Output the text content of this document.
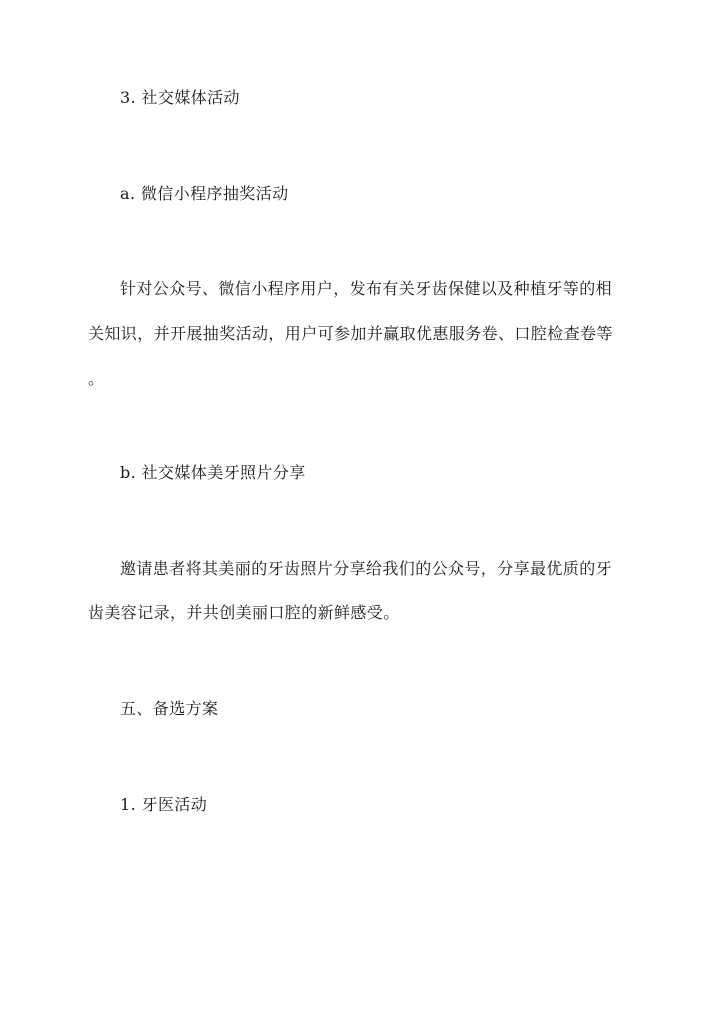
3. 社交媒体活动
a. 微信小程序抽奖活动
针对公众号、微信小程序用户，发布有关牙齿保健以及种植牙等的相
关知识，并开展抽奖活动，用户可参加并赢取优惠服务卷、口腔检查卷等
。
b. 社交媒体美牙照片分享
邀请患者将其美丽的牙齿照片分享给我们的公众号，分享最优质的牙
齿美容记录，并共创美丽口腔的新鲜感受。
五、备选方案
1. 牙医活动
